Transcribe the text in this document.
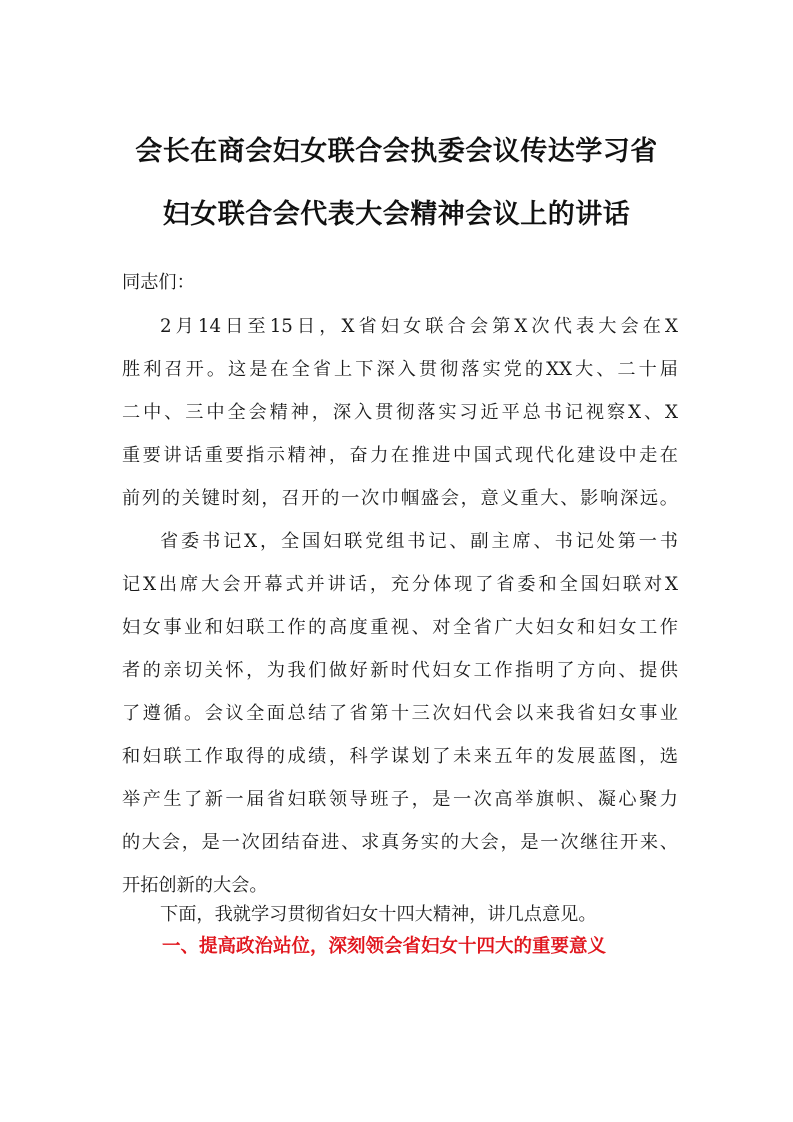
会长在商会妇女联合会执委会议传达学习省
妇女联合会代表大会精神会议上的讲话
同志们：
2月14日至15日，X省妇女联合会第X次代表大会在X
胜利召开。这是在全省上下深入贯彻落实党的XX大、二十届
二中、三中全会精神，深入贯彻落实习近平总书记视察X、X
重要讲话重要指示精神，奋力在推进中国式现代化建设中走在
前列的关键时刻，召开的一次巾帼盛会，意义重大、影响深远。
省委书记X，全国妇联党组书记、副主席、书记处第一书
记X出席大会开幕式并讲话，充分体现了省委和全国妇联对X
妇女事业和妇联工作的高度重视、对全省广大妇女和妇女工作
者的亲切关怀，为我们做好新时代妇女工作指明了方向、提供
了遵循。会议全面总结了省第十三次妇代会以来我省妇女事业
和妇联工作取得的成绩，科学谋划了未来五年的发展蓝图，选
举产生了新一届省妇联领导班子，是一次高举旗帜、凝心聚力
的大会，是一次团结奋进、求真务实的大会，是一次继往开来、
开拓创新的大会。
下面，我就学习贯彻省妇女十四大精神，讲几点意见。
一、提高政治站位，深刻领会省妇女十四大的重要意义
